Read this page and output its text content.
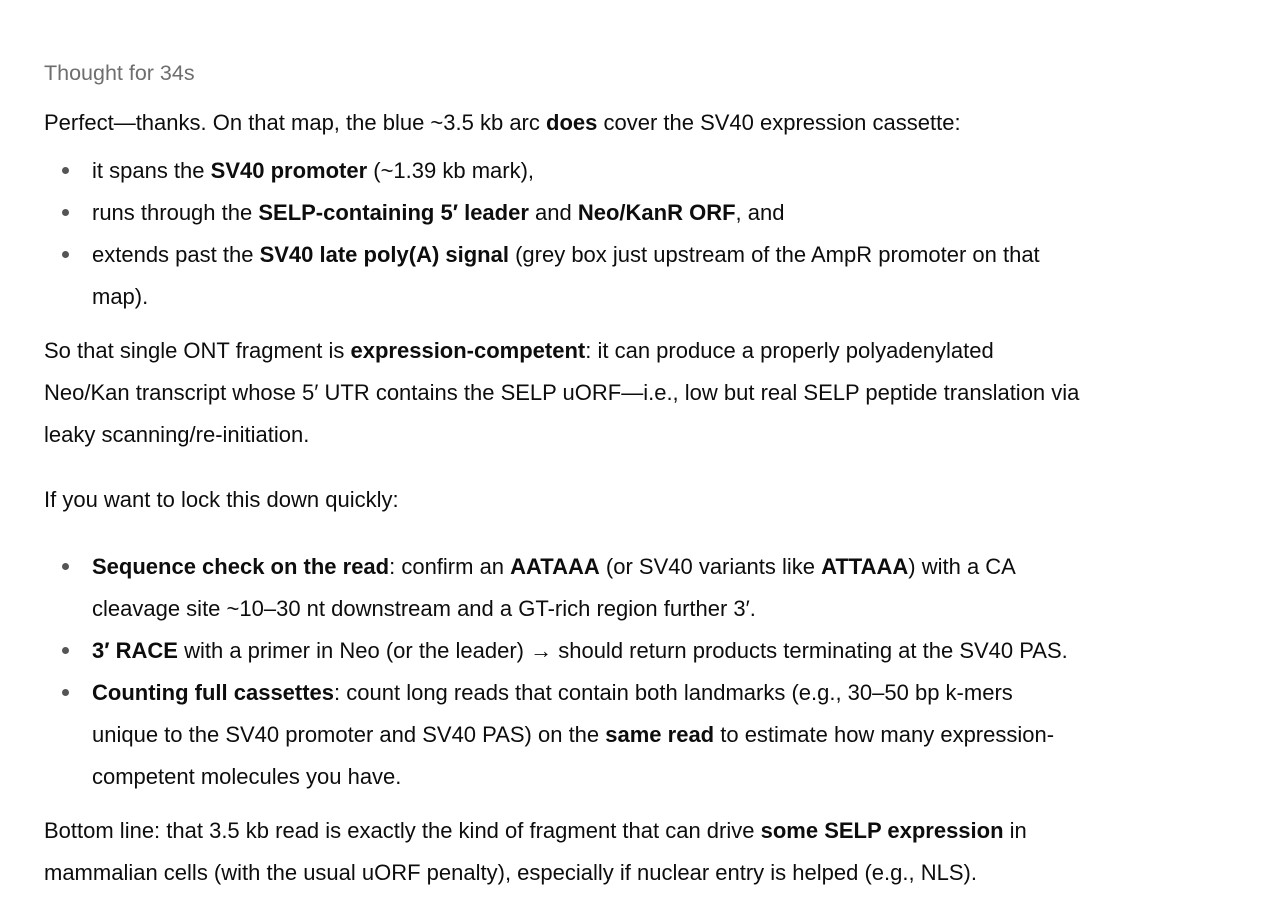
Thought for 34s
Perfect—thanks. On that map, the blue ~3.5 kb arc does cover the SV40 expression cassette:
it spans the SV40 promoter (~1.39 kb mark),
runs through the SELP-containing 5′ leader and Neo/KanR ORF, and
extends past the SV40 late poly(A) signal (grey box just upstream of the AmpR promoter on that
map).
So that single ONT fragment is expression-competent: it can produce a properly polyadenylated
Neo/Kan transcript whose 5′ UTR contains the SELP uORF—i.e., low but real SELP peptide translation via
leaky scanning/re-initiation.
If you want to lock this down quickly:
Sequence check on the read: confirm an AATAAA (or SV40 variants like ATTAAA) with a CA
cleavage site ~10–30 nt downstream and a GT-rich region further 3′.
3′ RACE with a primer in Neo (or the leader) → should return products terminating at the SV40 PAS.
Counting full cassettes: count long reads that contain both landmarks (e.g., 30–50 bp k-mers
unique to the SV40 promoter and SV40 PAS) on the same read to estimate how many expression-
competent molecules you have.
Bottom line: that 3.5 kb read is exactly the kind of fragment that can drive some SELP expression in
mammalian cells (with the usual uORF penalty), especially if nuclear entry is helped (e.g., NLS).
